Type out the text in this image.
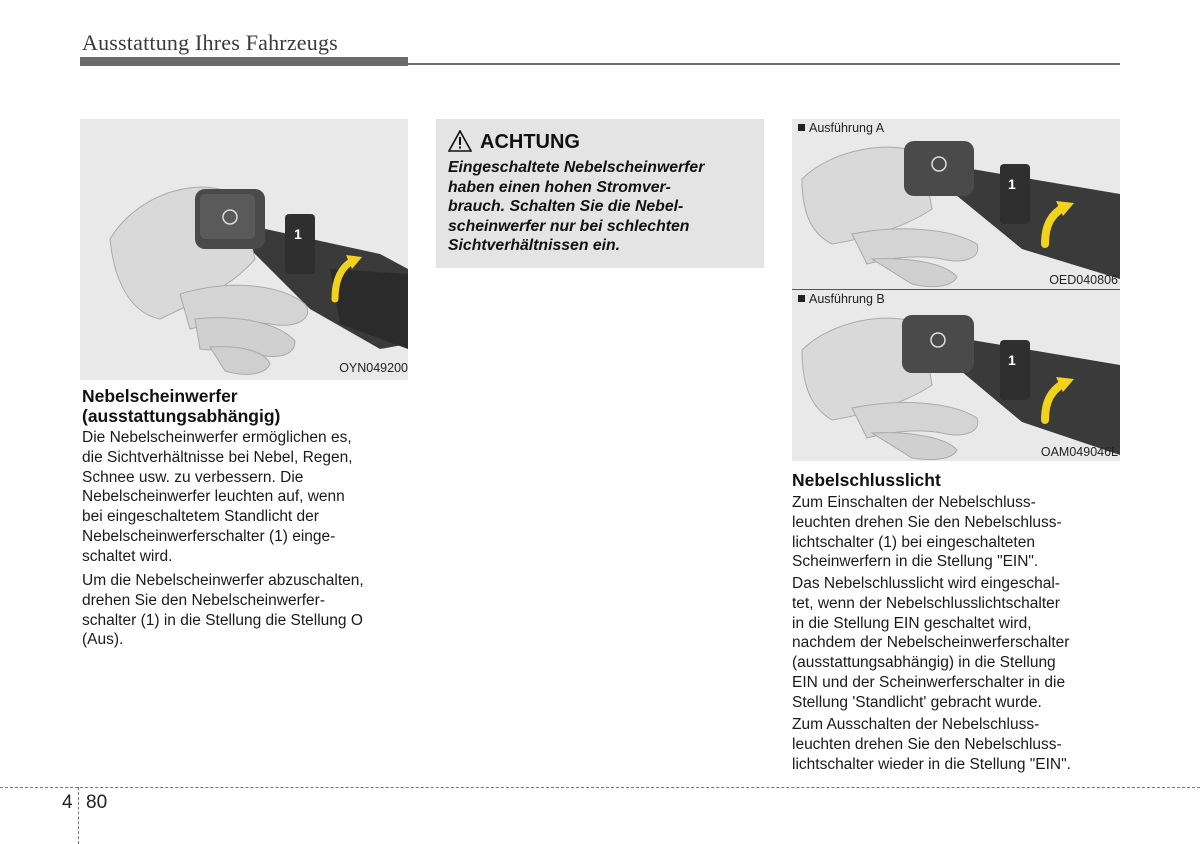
Ausstattung Ihres Fahrzeugs
1
OYN049200
Nebelscheinwerfer
(ausstattungsabhängig)
Die Nebelscheinwerfer ermöglichen es,
die Sichtverhältnisse bei Nebel, Regen,
Schnee usw. zu verbessern. Die
Nebelscheinwerfer leuchten auf, wenn
bei eingeschaltetem Standlicht der
Nebelscheinwerferschalter (1) einge-
schaltet wird.
Um die Nebelscheinwerfer abzuschalten,
drehen Sie den Nebelscheinwerfer-
schalter (1) in die Stellung die Stellung O
(Aus).
ACHTUNG
Eingeschaltete Nebelscheinwerfer
haben einen hohen Stromver-
brauch. Schalten Sie die Nebel-
scheinwerfer nur bei schlechten
Sichtverhältnissen ein.
1
Ausführung A
OED040806
1
Ausführung B
OAM049046L
Nebelschlusslicht
Zum Einschalten der Nebelschluss-
leuchten drehen Sie den Nebelschluss-
lichtschalter (1) bei eingeschalteten
Scheinwerfern in die Stellung "EIN".
Das Nebelschlusslicht wird eingeschal-
tet, wenn der Nebelschlusslichtschalter
in die Stellung EIN geschaltet wird,
nachdem der Nebelscheinwerferschalter
(ausstattungsabhängig) in die Stellung
EIN und der Scheinwerferschalter in die
Stellung 'Standlicht' gebracht wurde.
Zum Ausschalten der Nebelschluss-
leuchten drehen Sie den Nebelschluss-
lichtschalter wieder in die Stellung "EIN".
4 80
